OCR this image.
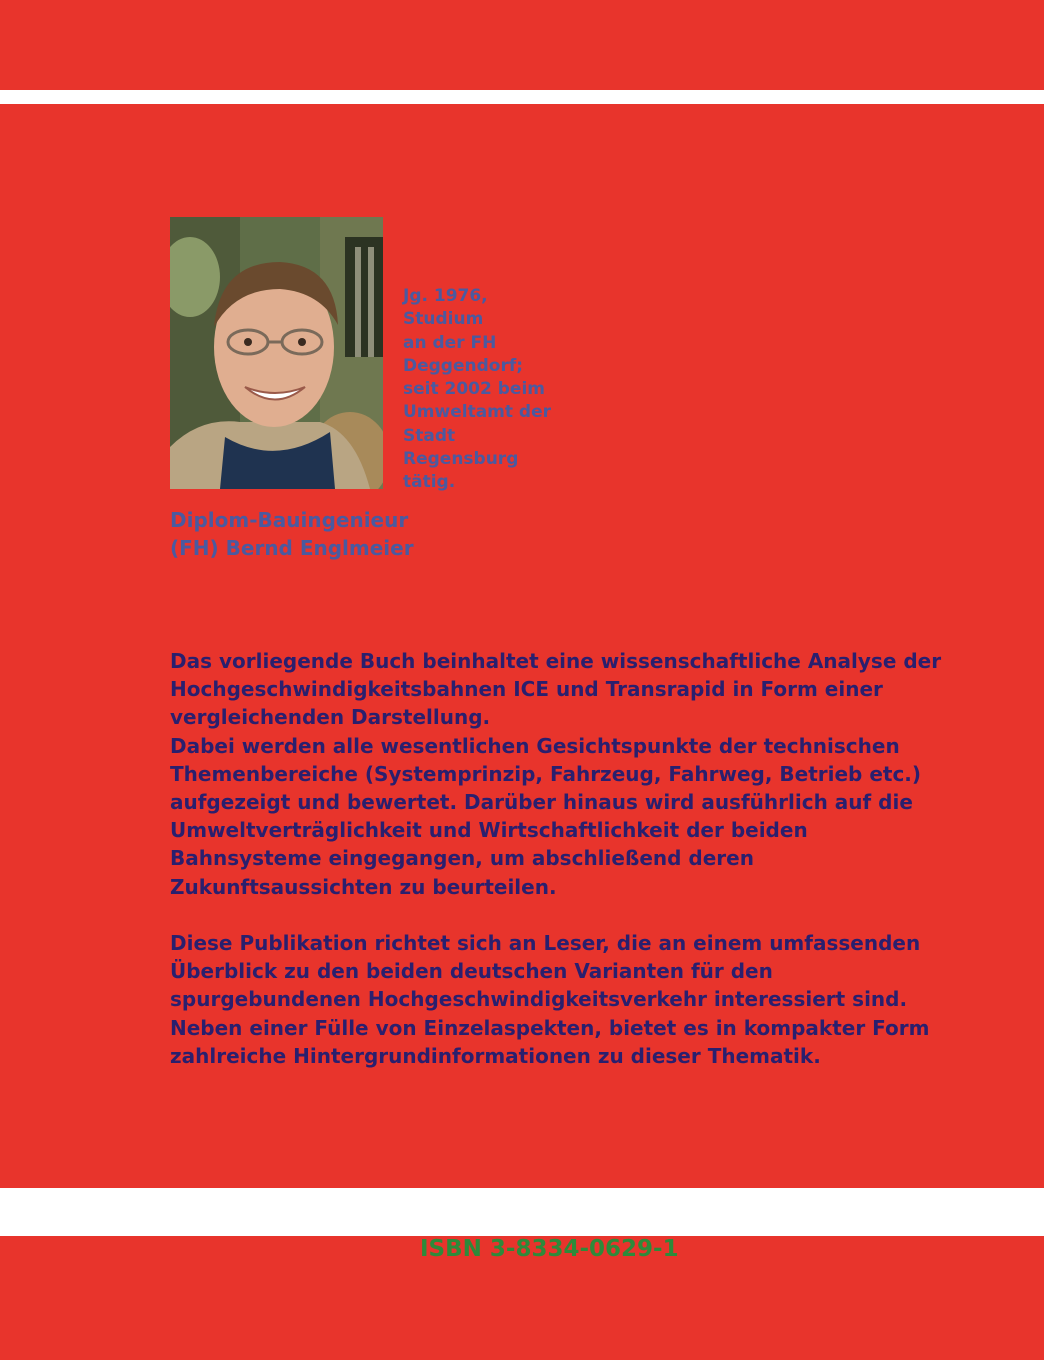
Jg. 1976,
Studium
an der FH
Deggendorf;
seit 2002 beim
Umweltamt der
Stadt
Regensburg
tätig.
Diplom-Bauingenieur
(FH) Bernd Englmeier
Das vorliegende Buch beinhaltet eine wissenschaftliche Analyse der
Hochgeschwindigkeitsbahnen ICE und Transrapid in Form einer
vergleichenden Darstellung.
Dabei werden alle wesentlichen Gesichtspunkte der technischen
Themenbereiche (Systemprinzip, Fahrzeug, Fahrweg, Betrieb etc.)
aufgezeigt und bewertet. Darüber hinaus wird ausführlich auf die
Umweltverträglichkeit und Wirtschaftlichkeit der beiden
Bahnsysteme eingegangen, um abschließend deren
Zukunftsaussichten zu beurteilen.
Diese Publikation richtet sich an Leser, die an einem umfassenden
Überblick zu den beiden deutschen Varianten für den
spurgebundenen Hochgeschwindigkeitsverkehr interessiert sind.
Neben einer Fülle von Einzelaspekten, bietet es in kompakter Form
zahlreiche Hintergrundinformationen zu dieser Thematik.
ISBN 3-8334-0629-1
